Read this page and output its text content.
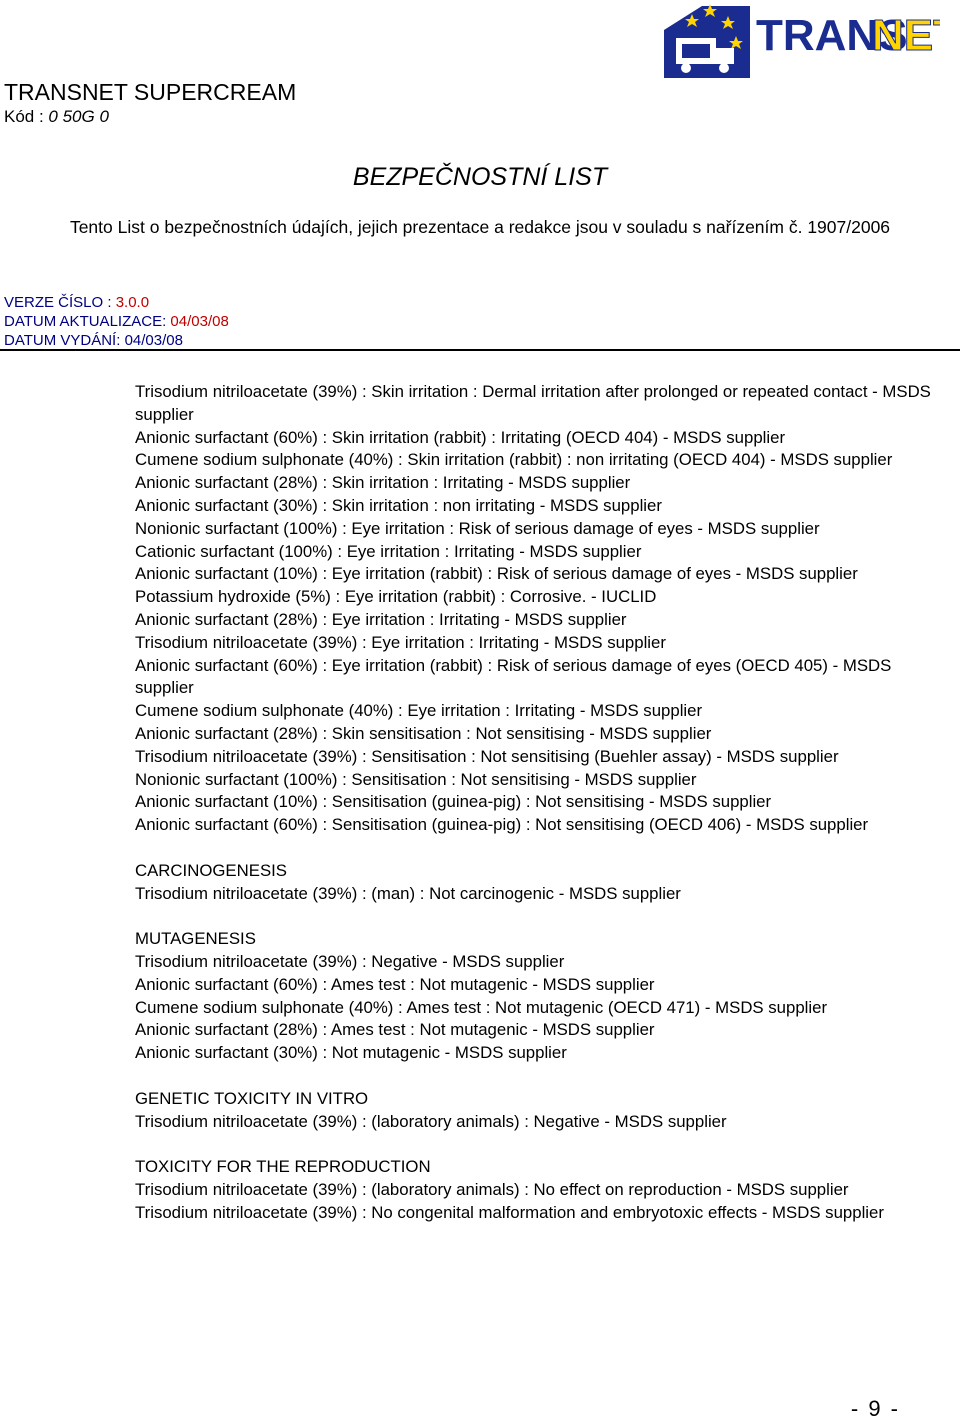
TRANSNET SUPERCREAM
Kód : 0 50G 0
TRANS
NE
BEZPEČNOSTNÍ LIST
Tento List o bezpečnostních údajích, jejich prezentace a redakce jsou v souladu s nařízením č. 1907/2006
VERZE ČÍSLO : 3.0.0
DATUM AKTUALIZACE: 04/03/08
DATUM VYDÁNÍ: 04/03/08

Trisodium nitriloacetate (39%) : Skin irritation : Dermal irritation after prolonged or repeated contact - MSDS supplier

Anionic surfactant (60%) : Skin irritation (rabbit) : Irritating (OECD 404) - MSDS supplier

Cumene sodium sulphonate (40%) : Skin irritation (rabbit) : non irritating (OECD 404) - MSDS supplier

Anionic surfactant (28%) : Skin irritation : Irritating - MSDS supplier

Anionic surfactant (30%) : Skin irritation : non irritating - MSDS supplier

Nonionic surfactant (100%) : Eye irritation : Risk of serious damage of eyes - MSDS supplier

Cationic surfactant (100%) : Eye irritation : Irritating - MSDS supplier

Anionic surfactant (10%) : Eye irritation (rabbit) : Risk of serious damage of eyes - MSDS supplier

Potassium hydroxide (5%) : Eye irritation (rabbit) : Corrosive. - IUCLID

Anionic surfactant (28%) : Eye irritation : Irritating - MSDS supplier

Trisodium nitriloacetate (39%) : Eye irritation : Irritating - MSDS supplier

Anionic surfactant (60%) : Eye irritation (rabbit) : Risk of serious damage of eyes (OECD 405) - MSDS supplier

Cumene sodium sulphonate (40%) : Eye irritation : Irritating - MSDS supplier

Anionic surfactant (28%) : Skin sensitisation : Not sensitising - MSDS supplier

Trisodium nitriloacetate (39%) : Sensitisation : Not sensitising (Buehler assay) - MSDS supplier

Nonionic surfactant (100%) : Sensitisation : Not sensitising - MSDS supplier

Anionic surfactant (10%) : Sensitisation (guinea-pig) : Not sensitising - MSDS supplier

Anionic surfactant (60%) : Sensitisation (guinea-pig) : Not sensitising (OECD 406) - MSDS supplier

CARCINOGENESIS

Trisodium nitriloacetate (39%) : (man) : Not carcinogenic - MSDS supplier

MUTAGENESIS

Trisodium nitriloacetate (39%) : Negative - MSDS supplier

Anionic surfactant (60%) : Ames test : Not mutagenic - MSDS supplier

Cumene sodium sulphonate (40%) : Ames test : Not mutagenic (OECD 471) - MSDS supplier

Anionic surfactant (28%) : Ames test : Not mutagenic - MSDS supplier

Anionic surfactant (30%) : Not mutagenic - MSDS supplier

GENETIC TOXICITY IN VITRO

Trisodium nitriloacetate (39%) : (laboratory animals) : Negative - MSDS supplier

TOXICITY FOR THE REPRODUCTION

Trisodium nitriloacetate (39%) : (laboratory animals) : No effect on reproduction - MSDS supplier

Trisodium nitriloacetate (39%) : No congenital malformation and embryotoxic effects - MSDS supplier

- 9 -
